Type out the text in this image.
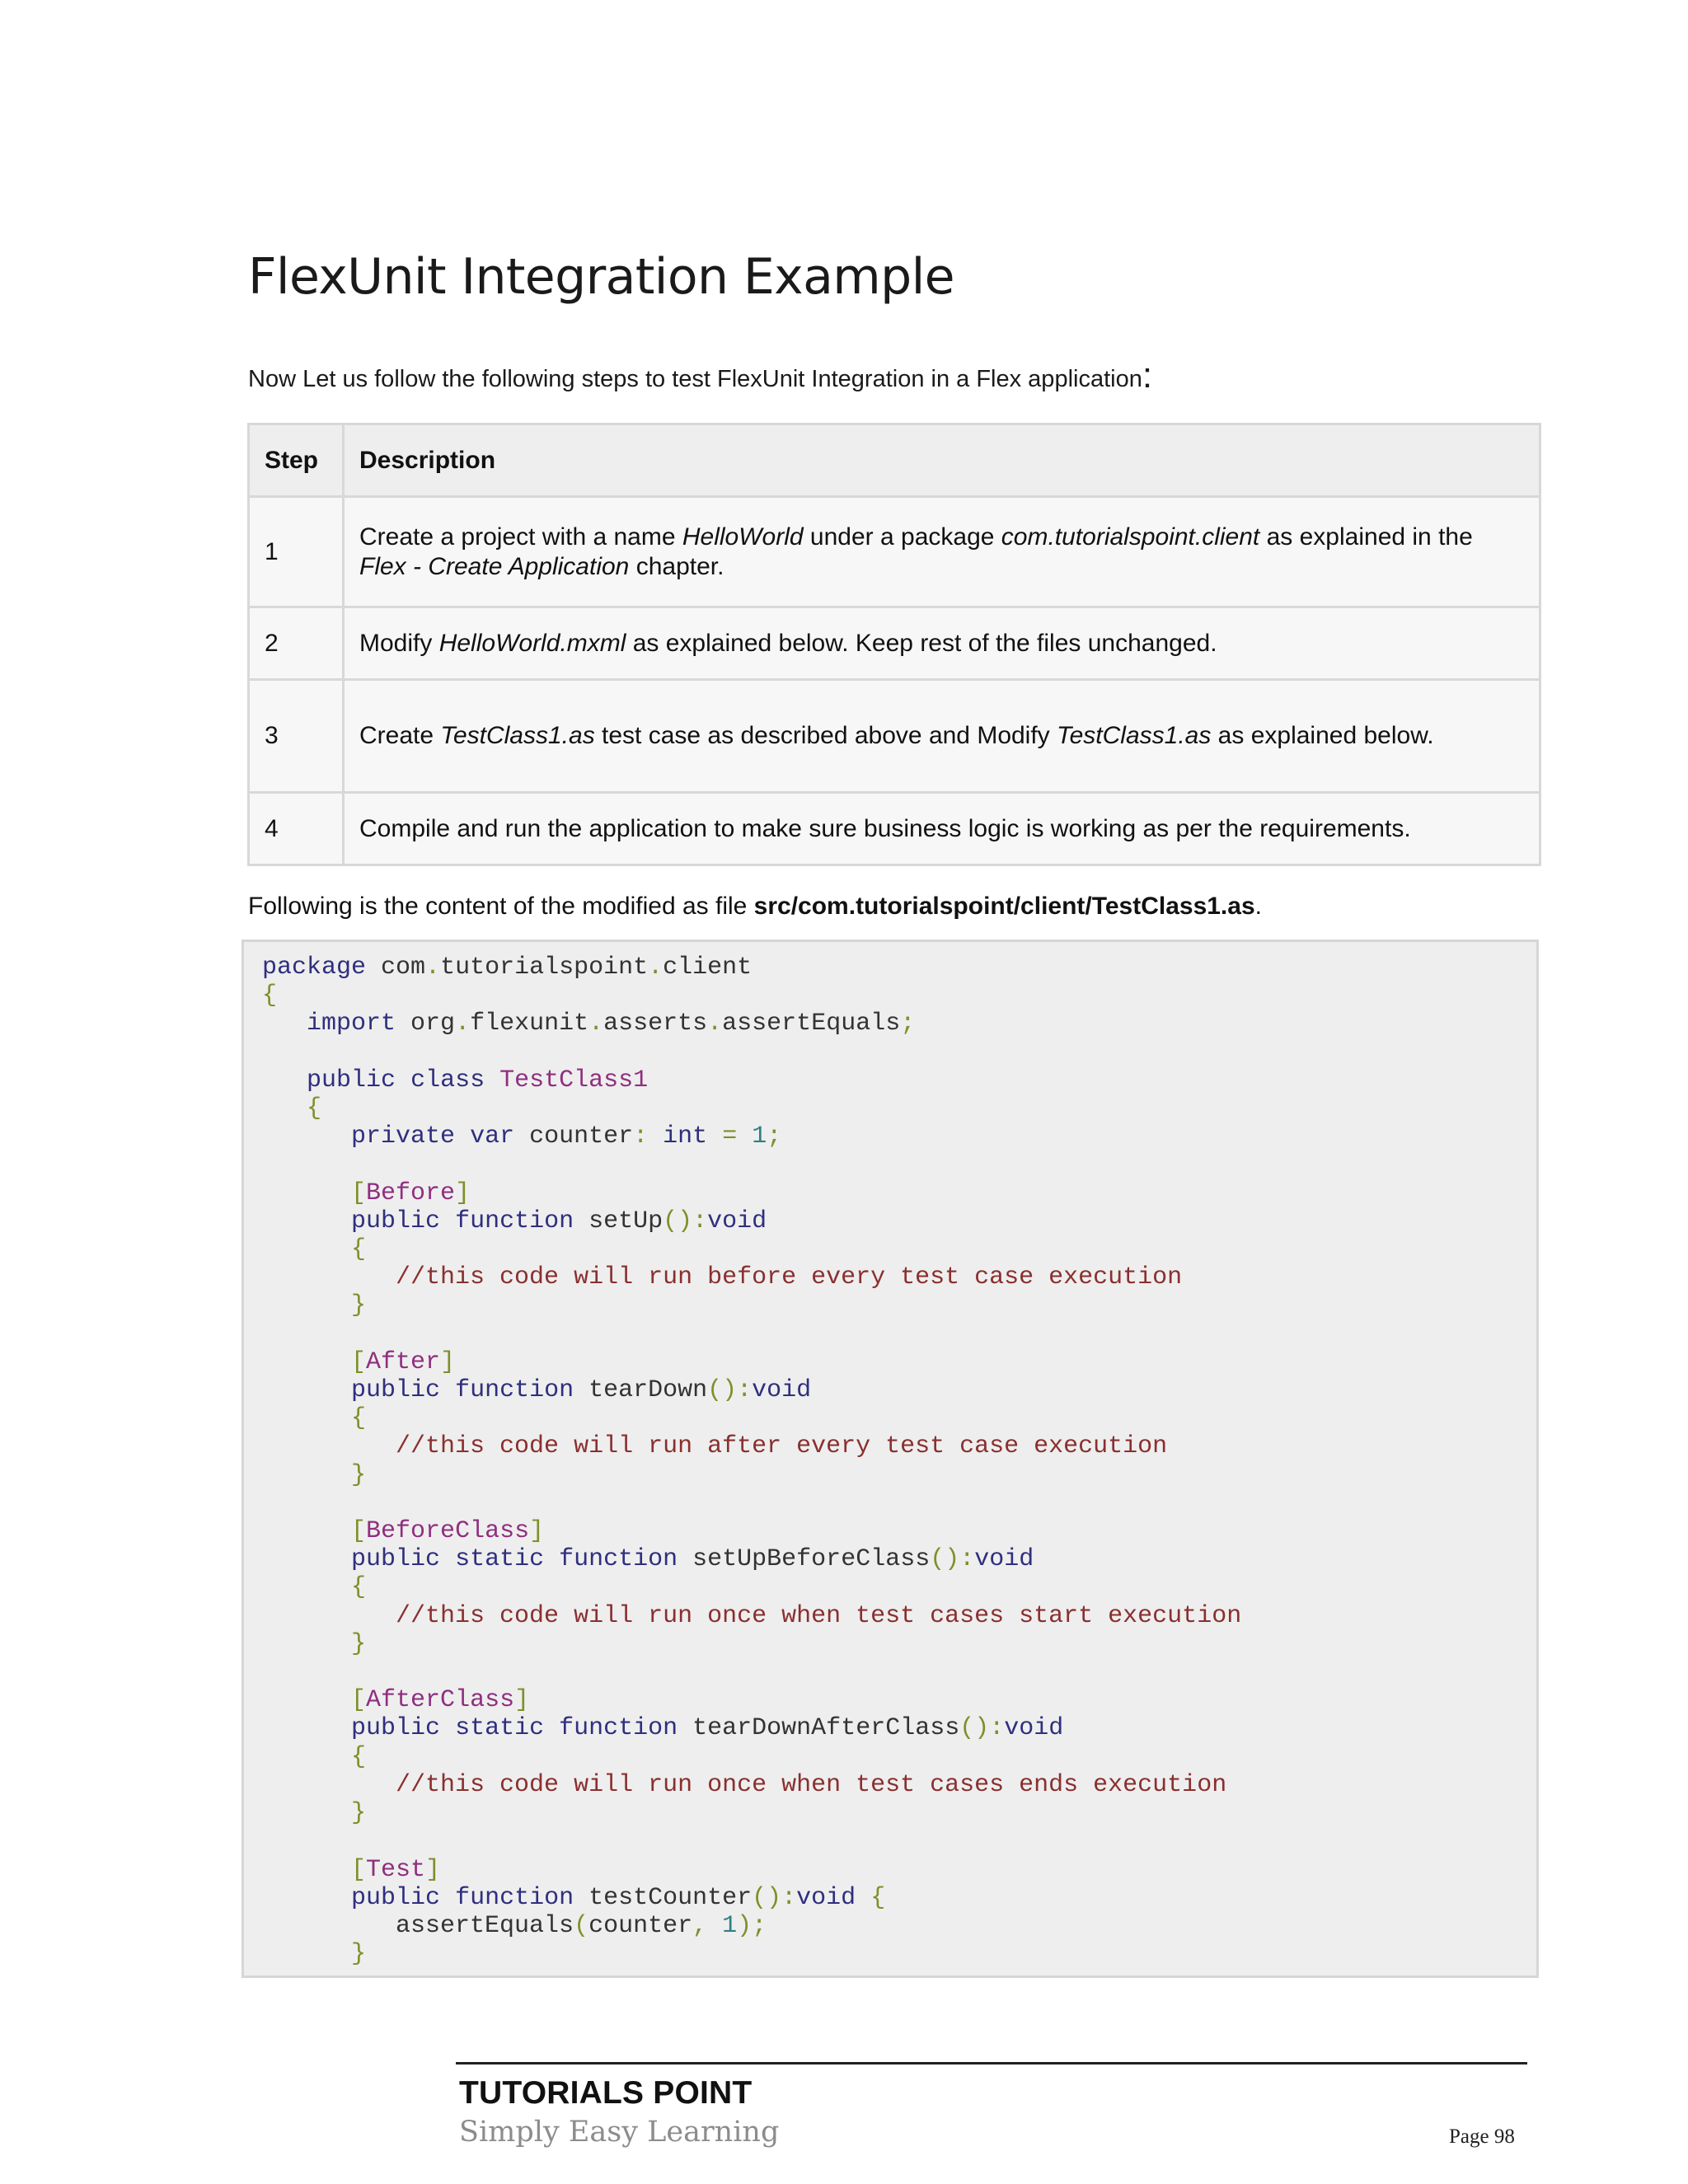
FlexUnit Integration Example

Now Let us follow the following steps to test FlexUnit Integration in a Flex application:

Step	Description
1	Create a project with a name HelloWorld under a package com.tutorialspoint.client as explained in the Flex - Create Application chapter.
2	Modify HelloWorld.mxml as explained below. Keep rest of the files unchanged.
3	Create TestClass1.as test case as described above and Modify TestClass1.as as explained below.
4	Compile and run the application to make sure business logic is working as per the requirements.

Following is the content of the modified as file src/com.tutorialspoint/client/TestClass1.as.

package com.tutorialspoint.client
{
import org.flexunit.asserts.assertEquals;

public class TestClass1
{
private var counter: int = 1;

[Before]
public function setUp():void
{
//this code will run before every test case execution
}

[After]
public function tearDown():void
{
//this code will run after every test case execution
}

[BeforeClass]
public static function setUpBeforeClass():void
{
//this code will run once when test cases start execution
}

[AfterClass]
public static function tearDownAfterClass():void
{
//this code will run once when test cases ends execution
}

[Test]
public function testCounter():void {
assertEquals(counter, 1);
}

TUTORIALS POINT

Simply Easy Learning	Page 98
